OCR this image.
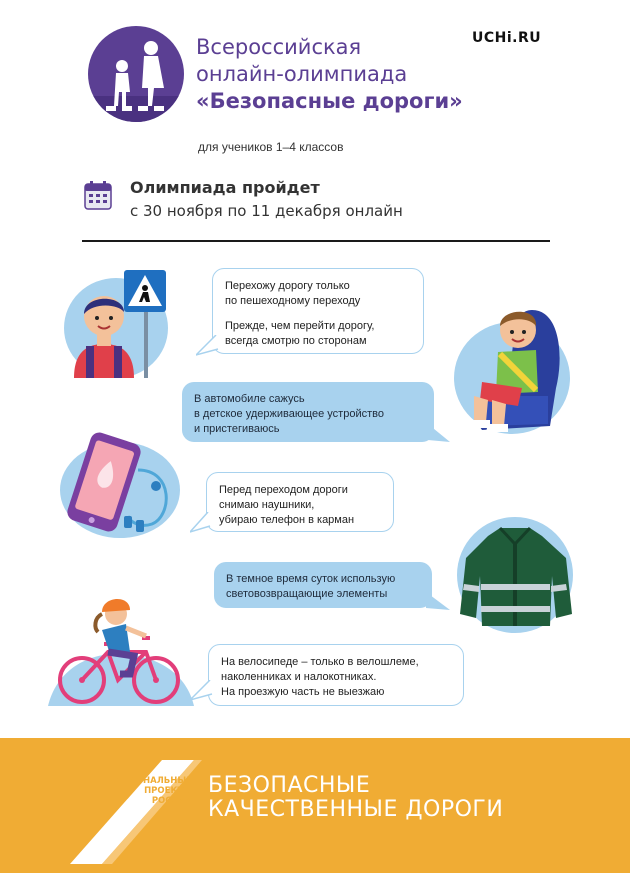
Всероссийская
онлайн-олимпиада
«Безопасные дороги»
UCHi.RU
для учеников 1–4 классов
Олимпиада пройдет
с 30 ноября по 11 декабря онлайн

Перехожу дорогу только

по пешеходному переходу

Прежде, чем перейти дорогу,

всегда смотрю по сторонам

В автомобиле сажусь

в детское удерживающее устройство

и пристегиваюсь

Перед переходом дороги

снимаю наушники,

убираю телефон в карман

В темное время суток использую

световозвращающие элементы

На велосипеде – только в велошлеме,

наколенниках и налокотниках.

На проезжую часть не выезжаю

НАЦИОНАЛЬНЫЕ
ПРОЕКТЫ
РОССИИ
БЕЗОПАСНЫЕ
КАЧЕСТВЕННЫЕ ДОРОГИ
